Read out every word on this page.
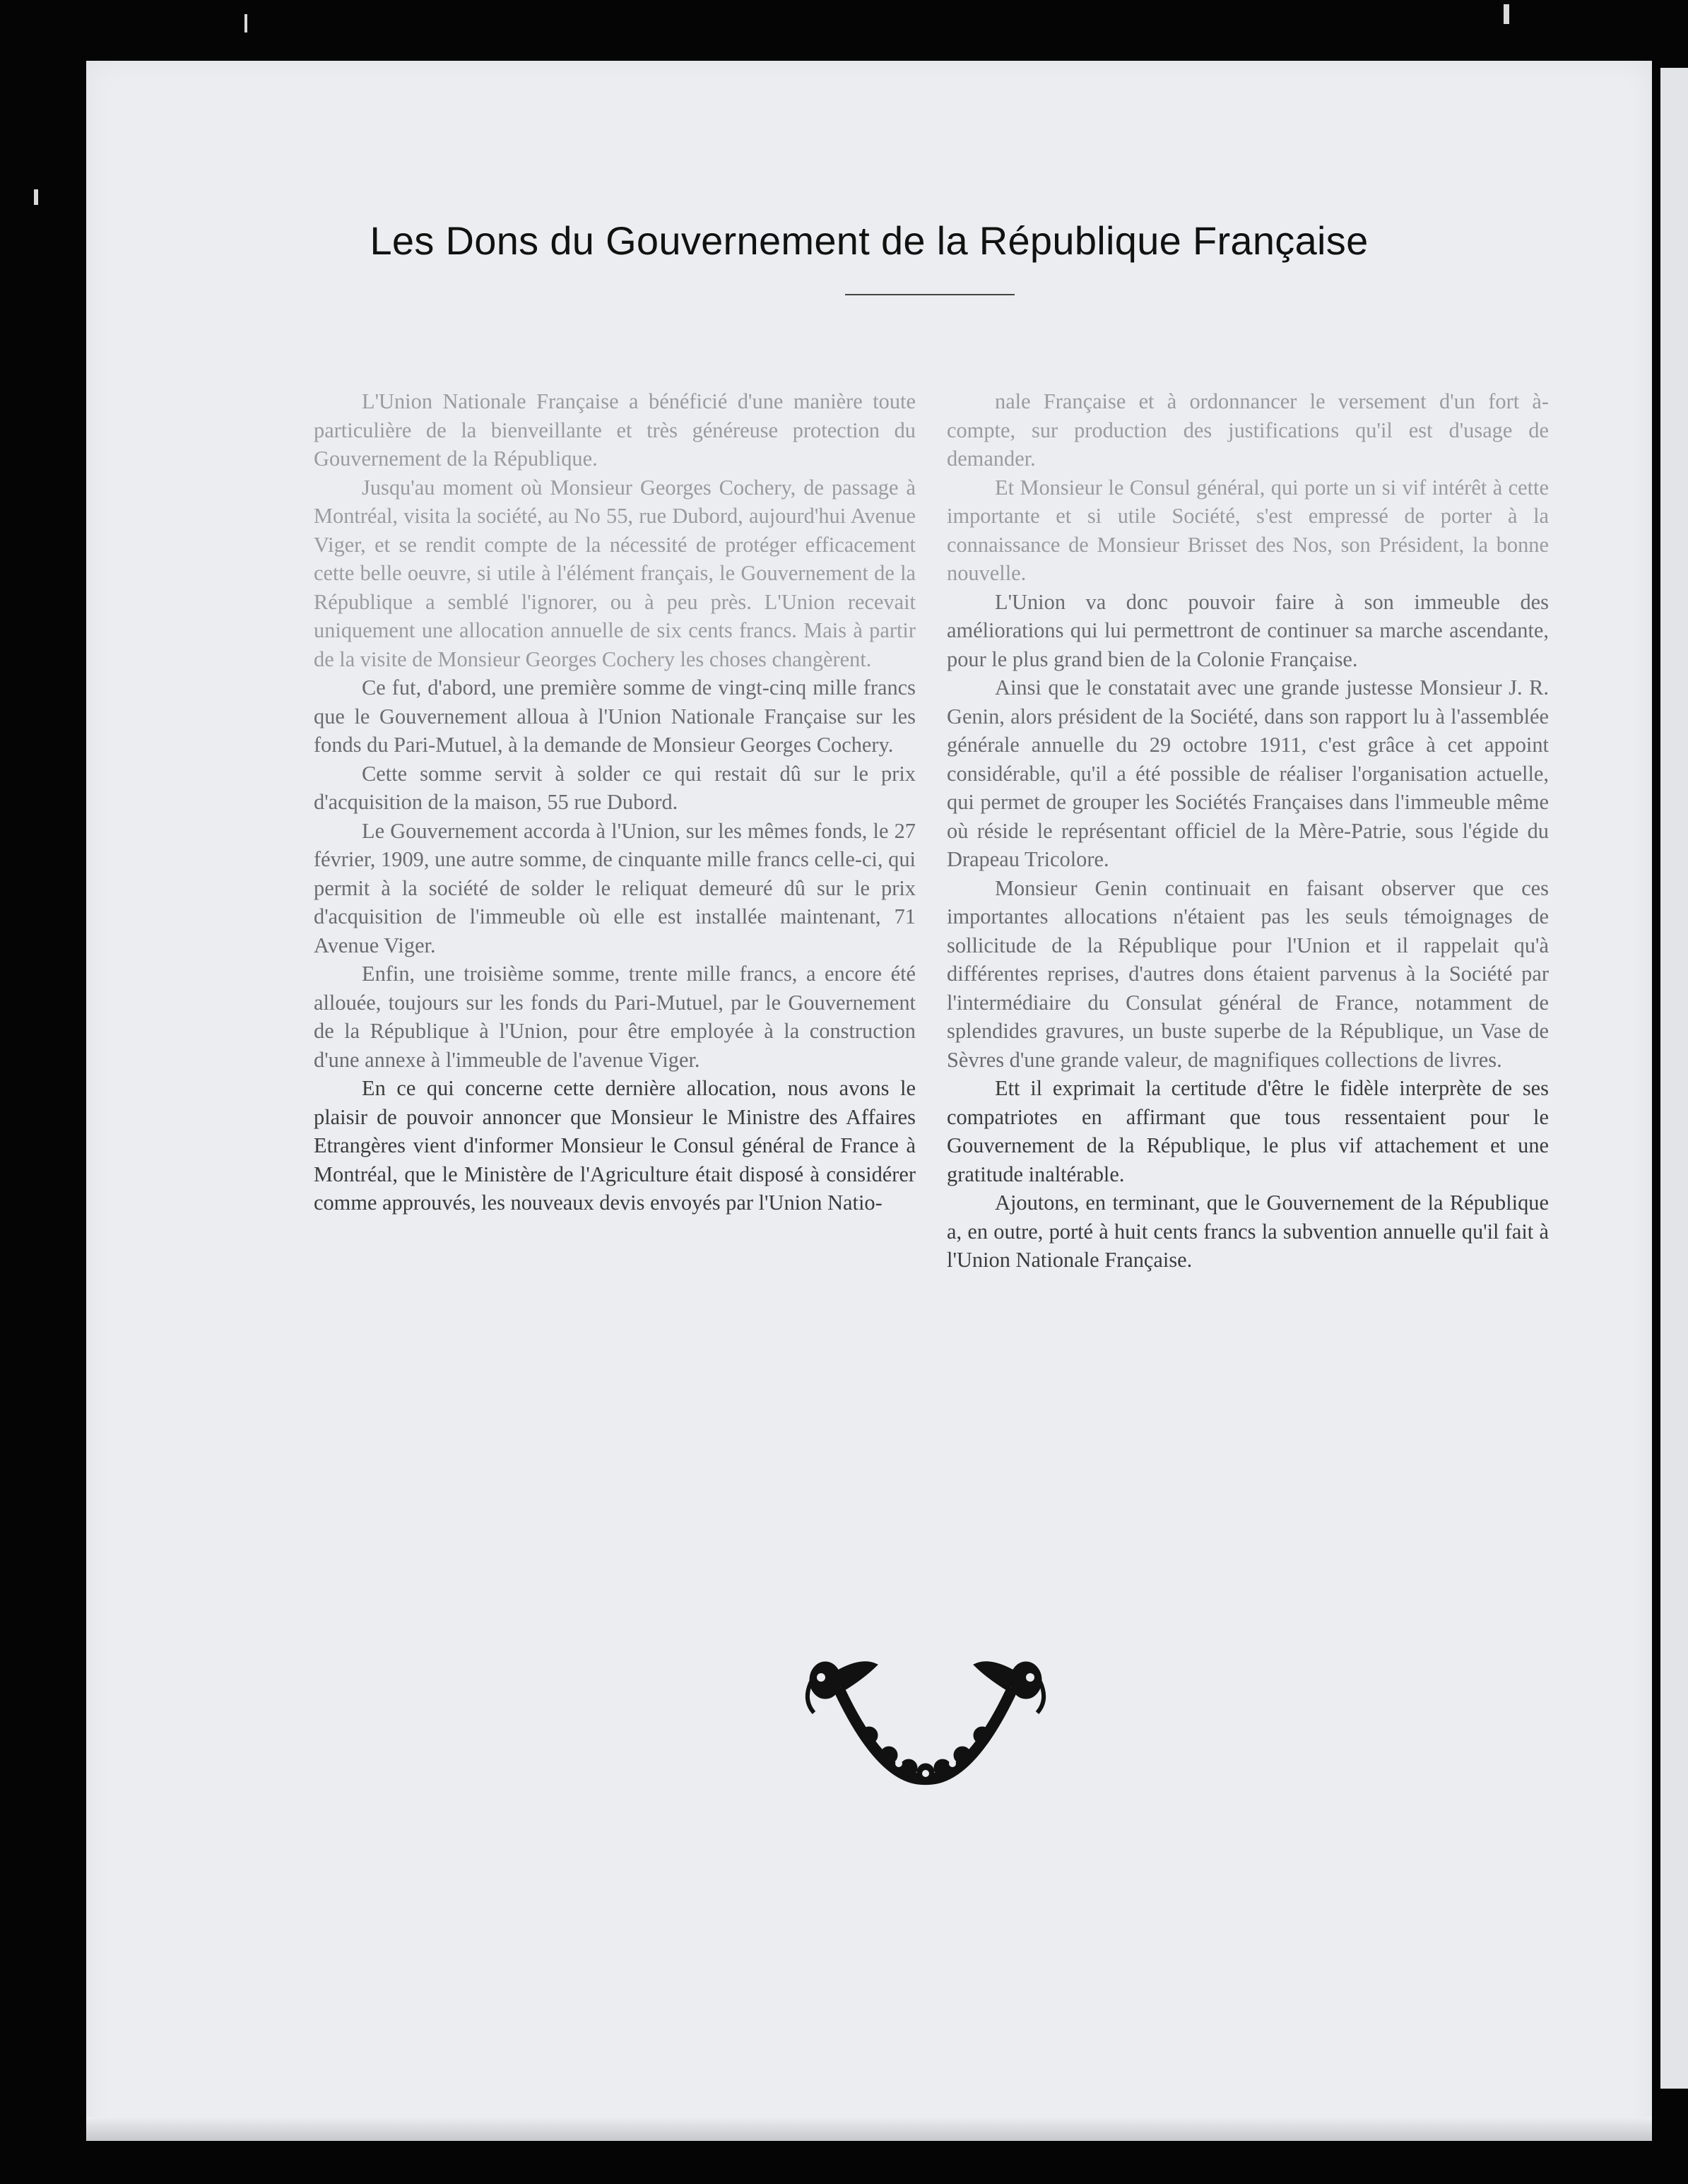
Les Dons du Gouvernement de la République Française

L'Union Nationale Française a bénéficié d'une manière toute particulière de la bienveillante et très généreuse protection du Gouvernement de la République.

Jusqu'au moment où Monsieur Georges Cochery, de passage à Montréal, visita la société, au No 55, rue Dubord, aujourd'hui Avenue Viger, et se rendit compte de la nécessité de protéger efficacement cette belle oeuvre, si utile à l'élément français, le Gouvernement de la République a semblé l'ignorer, ou à peu près. L'Union recevait uniquement une allocation annuelle de six cents francs. Mais à partir de la visite de Monsieur Georges Cochery les choses changèrent.

Ce fut, d'abord, une première somme de vingt-cinq mille francs que le Gouvernement alloua à l'Union Nationale Française sur les fonds du Pari-Mutuel, à la demande de Monsieur Georges Cochery.

Cette somme servit à solder ce qui restait dû sur le prix d'acquisition de la maison, 55 rue Dubord.

Le Gouvernement accorda à l'Union, sur les mêmes fonds, le 27 février, 1909, une autre somme, de cinquante mille francs celle-ci, qui permit à la société de solder le reliquat demeuré dû sur le prix d'acquisition de l'immeuble où elle est installée maintenant, 71 Avenue Viger.

Enfin, une troisième somme, trente mille francs, a encore été allouée, toujours sur les fonds du Pari-Mutuel, par le Gouvernement de la République à l'Union, pour être employée à la construction d'une annexe à l'immeuble de l'avenue Viger.

En ce qui concerne cette dernière allocation, nous avons le plaisir de pouvoir annoncer que Monsieur le Ministre des Affaires Etrangères vient d'informer Monsieur le Consul général de France à Montréal, que le Ministère de l'Agriculture était disposé à considérer comme approuvés, les nouveaux devis envoyés par l'Union Natio-

nale Française et à ordonnancer le versement d'un fort à-compte, sur production des justifications qu'il est d'usage de demander.

Et Monsieur le Consul général, qui porte un si vif intérêt à cette importante et si utile Société, s'est empressé de porter à la connaissance de Monsieur Brisset des Nos, son Président, la bonne nouvelle.

L'Union va donc pouvoir faire à son immeuble des améliorations qui lui permettront de continuer sa marche ascendante, pour le plus grand bien de la Colonie Française.

Ainsi que le constatait avec une grande justesse Monsieur J. R. Genin, alors président de la Société, dans son rapport lu à l'assemblée générale annuelle du 29 octobre 1911, c'est grâce à cet appoint considérable, qu'il a été possible de réaliser l'organisation actuelle, qui permet de grouper les Sociétés Françaises dans l'immeuble même où réside le représentant officiel de la Mère-Patrie, sous l'égide du Drapeau Tricolore.

Monsieur Genin continuait en faisant observer que ces importantes allocations n'étaient pas les seuls témoignages de sollicitude de la République pour l'Union et il rappelait qu'à différentes reprises, d'autres dons étaient parvenus à la Société par l'intermédiaire du Consulat général de France, notamment de splendides gravures, un buste superbe de la République, un Vase de Sèvres d'une grande valeur, de magnifiques collections de livres.

Ett il exprimait la certitude d'être le fidèle interprète de ses compatriotes en affirmant que tous ressentaient pour le Gouvernement de la République, le plus vif attachement et une gratitude inaltérable.

Ajoutons, en terminant, que le Gouvernement de la République a, en outre, porté à huit cents francs la subvention annuelle qu'il fait à l'Union Nationale Française.
